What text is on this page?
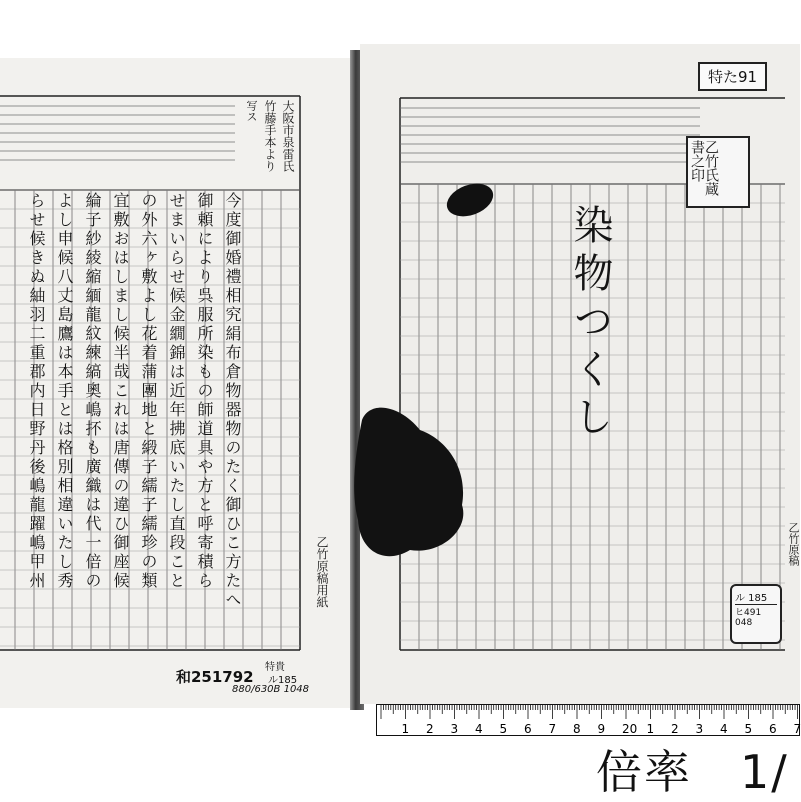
大阪市泉雷氏
竹藤手本より
写ス
今度御婚禮相究絹布倉物器物のたく御ひこ方たへ
御頼により呉服所染もの師道具や方と呼寄積ら
せまいらせ候金繝錦は近年拂底いたし直段こと
の外六ヶ敷よし花着蒲團地と緞子繻子繻珍の類
宜敷おはしまし候半哉これは唐傳の違ひ御座候
綸子紗綾縮緬龍紋練縞奧嶋抔も廣織は代一倍の
よし申候八丈島鷹は本手とは格別相違いたし秀
らせ候きぬ紬羽二重郡内日野丹後嶋龍躍嶋甲州	乙竹原稿用紙
和251792
特貴
ル185
880/630B 1048
特た91
乙竹氏蔵書之印
染物つくし
乙竹原稿
ル 185
ヒ491 048
1 2 3 4 5 6 7 8 9 20 1 2 3 4 5 6 7
倍率　1/
